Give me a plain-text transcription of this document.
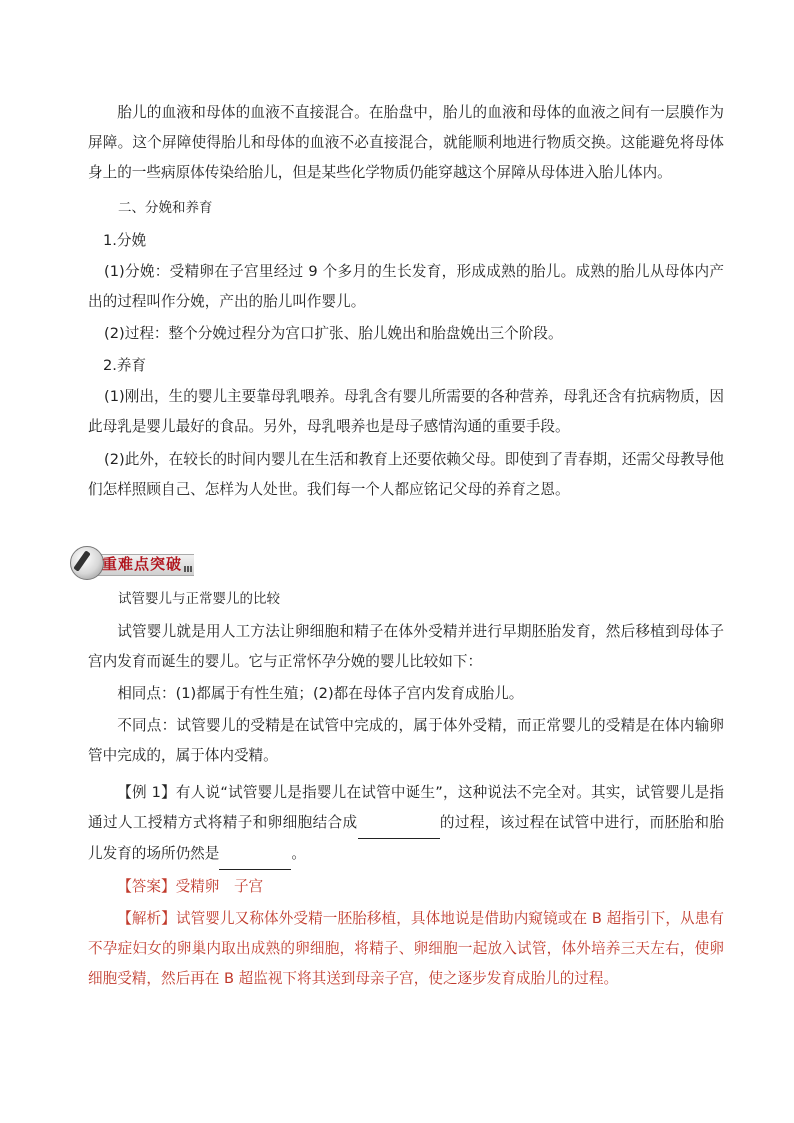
胎儿的血液和母体的血液不直接混合。在胎盘中，胎儿的血液和母体的血液之间有一层膜作为屏障。这个屏障使得胎儿和母体的血液不必直接混合，就能顺利地进行物质交换。这能避免将母体身上的一些病原体传染给胎儿，但是某些化学物质仍能穿越这个屏障从母体进入胎儿体内。

二、分娩和养育

1.分娩

(1)分娩：受精卵在子宫里经过 9 个多月的生长发育，形成成熟的胎儿。成熟的胎儿从母体内产出的过程叫作分娩，产出的胎儿叫作婴儿。

(2)过程：整个分娩过程分为宫口扩张、胎儿娩出和胎盘娩出三个阶段。

2.养育

(1)刚出，生的婴儿主要靠母乳喂养。母乳含有婴儿所需要的各种营养，母乳还含有抗病物质，因此母乳是婴儿最好的食品。另外，母乳喂养也是母子感情沟通的重要手段。

(2)此外，在较长的时间内婴儿在生活和教育上还要依赖父母。即使到了青春期，还需父母教导他们怎样照顾自己、怎样为人处世。我们每一个人都应铭记父母的养育之恩。

重难点突破

试管婴儿与正常婴儿的比较

试管婴儿就是用人工方法让卵细胞和精子在体外受精并进行早期胚胎发育，然后移植到母体子宫内发育而诞生的婴儿。它与正常怀孕分娩的婴儿比较如下：

相同点：(1)都属于有性生殖；(2)都在母体子宫内发育成胎儿。

不同点：试管婴儿的受精是在试管中完成的，属于体外受精，而正常婴儿的受精是在体内输卵管中完成的，属于体内受精。

【例 1】有人说“试管婴儿是指婴儿在试管中诞生”，这种说法不完全对。其实，试管婴儿是指通过人工授精方式将精子和卵细胞结合成	的过程，该过程在试管中进行，而胚胎和胎儿发育的场所仍然是	。

【答案】受精卵　子宫

【解析】试管婴儿又称体外受精一胚胎移植，具体地说是借助内窥镜或在 B 超指引下，从患有不孕症妇女的卵巢内取出成熟的卵细胞，将精子、卵细胞一起放入试管，体外培养三天左右，使卵细胞受精，然后再在 B 超监视下将其送到母亲子宫，使之逐步发育成胎儿的过程。
